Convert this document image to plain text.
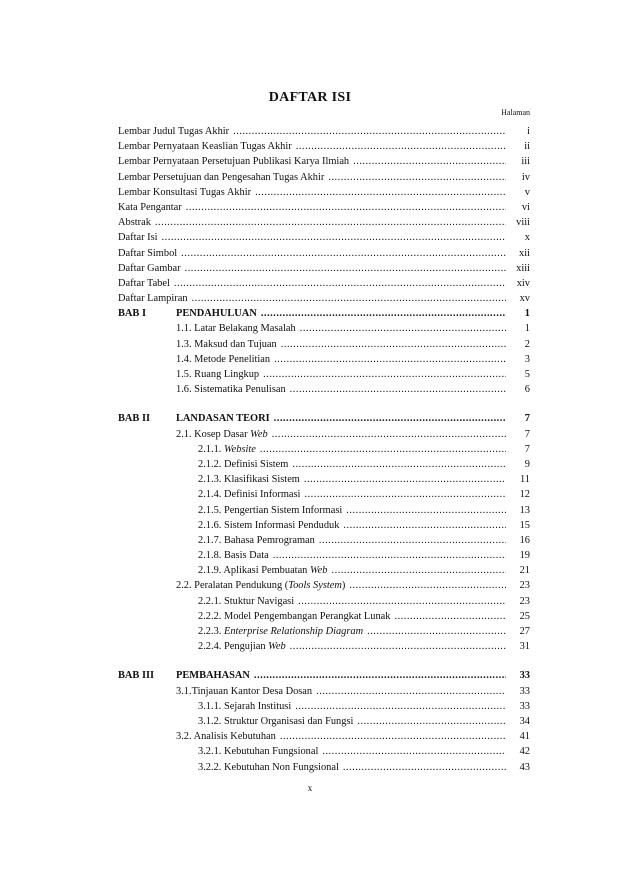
DAFTAR ISI
Halaman
Lembar Judul Tugas Akhir .....	i
Lembar Pernyataan Keaslian Tugas Akhir .....	ii
Lembar Pernyataan Persetujuan Publikasi Karya Ilmiah .....	iii
Lembar Persetujuan dan Pengesahan Tugas Akhir .....	iv
Lembar Konsultasi Tugas Akhir .....	v
Kata Pengantar .....	vi
Abstrak .....	viii
Daftar Isi .....	x
Daftar Simbol .....	xii
Daftar Gambar .....	xiii
Daftar Tabel .....	xiv
Daftar Lampiran .....	xv
BAB I	PENDAHULUAN .....	1
1.1. Latar Belakang Masalah .....	1
1.3. Maksud dan Tujuan .....	2
1.4. Metode Penelitian .....	3
1.5. Ruang Lingkup .....	5
1.6. Sistematika Penulisan .....	6
BAB II LANDASAN TEORI .....	7
2.1. Kosep Dasar Web .....	7
2.1.1. Website .....	7
2.1.2. Definisi Sistem .....	9
2.1.3. Klasifikasi Sistem .....	11
2.1.4. Definisi Informasi .....	12
2.1.5. Pengertian Sistem Informasi .....	13
2.1.6. Sistem Informasi Penduduk .....	15
2.1.7. Bahasa Pemrograman .....	16
2.1.8. Basis Data .....	19
2.1.9. Aplikasi Pembuatan Web .....	21
2.2. Peralatan Pendukung (Tools System) .....	23
2.2.1. Stuktur Navigasi .....	23
2.2.2. Model Pengembangan Perangkat Lunak .....	25
2.2.3. Enterprise Relationship Diagram .....	27
2.2.4. Pengujian Web .....	31
BAB III PEMBAHASAN .....	33
3.1.Tinjauan Kantor Desa Dosan .....	33
3.1.1. Sejarah Institusi .....	33
3.1.2. Struktur Organisasi dan Fungsi .....	34
3.2. Analisis Kebutuhan .....	41
3.2.1. Kebutuhan Fungsional .....	42
3.2.2. Kebutuhan Non Fungsional .....	43
x
